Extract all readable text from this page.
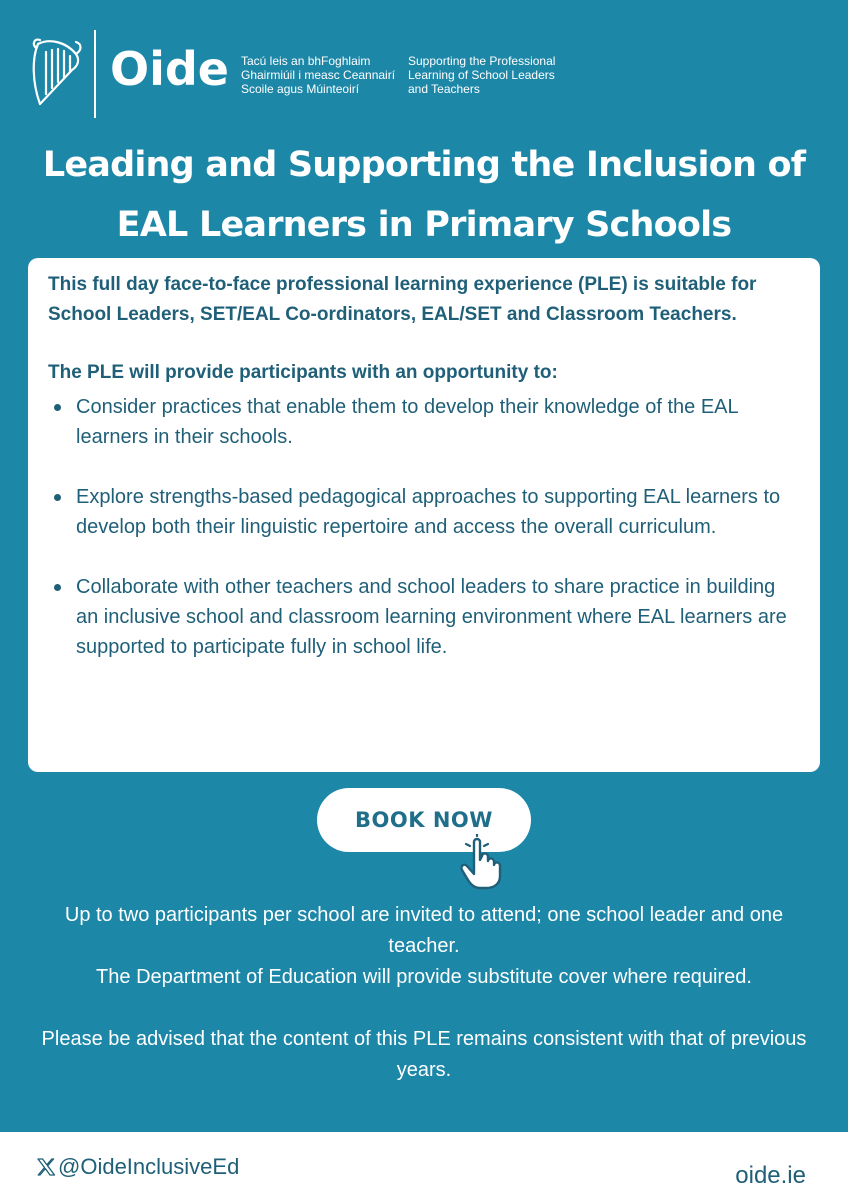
Oide Tacú leis an bhFoghlaim
Ghairmiúil i measc Ceannairí
Scoile agus Múinteoirí
Supporting the Professional
Learning of School Leaders
and Teachers
Leading and Supporting the Inclusion of
EAL Learners in Primary Schools

This full day face-to-face professional learning experience (PLE) is suitable for School Leaders, SET/EAL Co-ordinators, EAL/SET and Classroom Teachers.

The PLE will provide participants with an opportunity to:

Consider practices that enable them to develop their knowledge of the EAL learners in their schools.
Explore strengths-based pedagogical approaches to supporting EAL learners to develop both their linguistic repertoire and access the overall curriculum.
Collaborate with other teachers and school leaders to share practice in building an inclusive school and classroom learning environment where EAL learners are supported to participate fully in school life.
BOOK NOW

Up to two participants per school are invited to attend; one school leader and one teacher.

The Department of Education will provide substitute cover where required.

Please be advised that the content of this PLE remains consistent with that of previous years.

@OideInclusiveEd	oide.ie
